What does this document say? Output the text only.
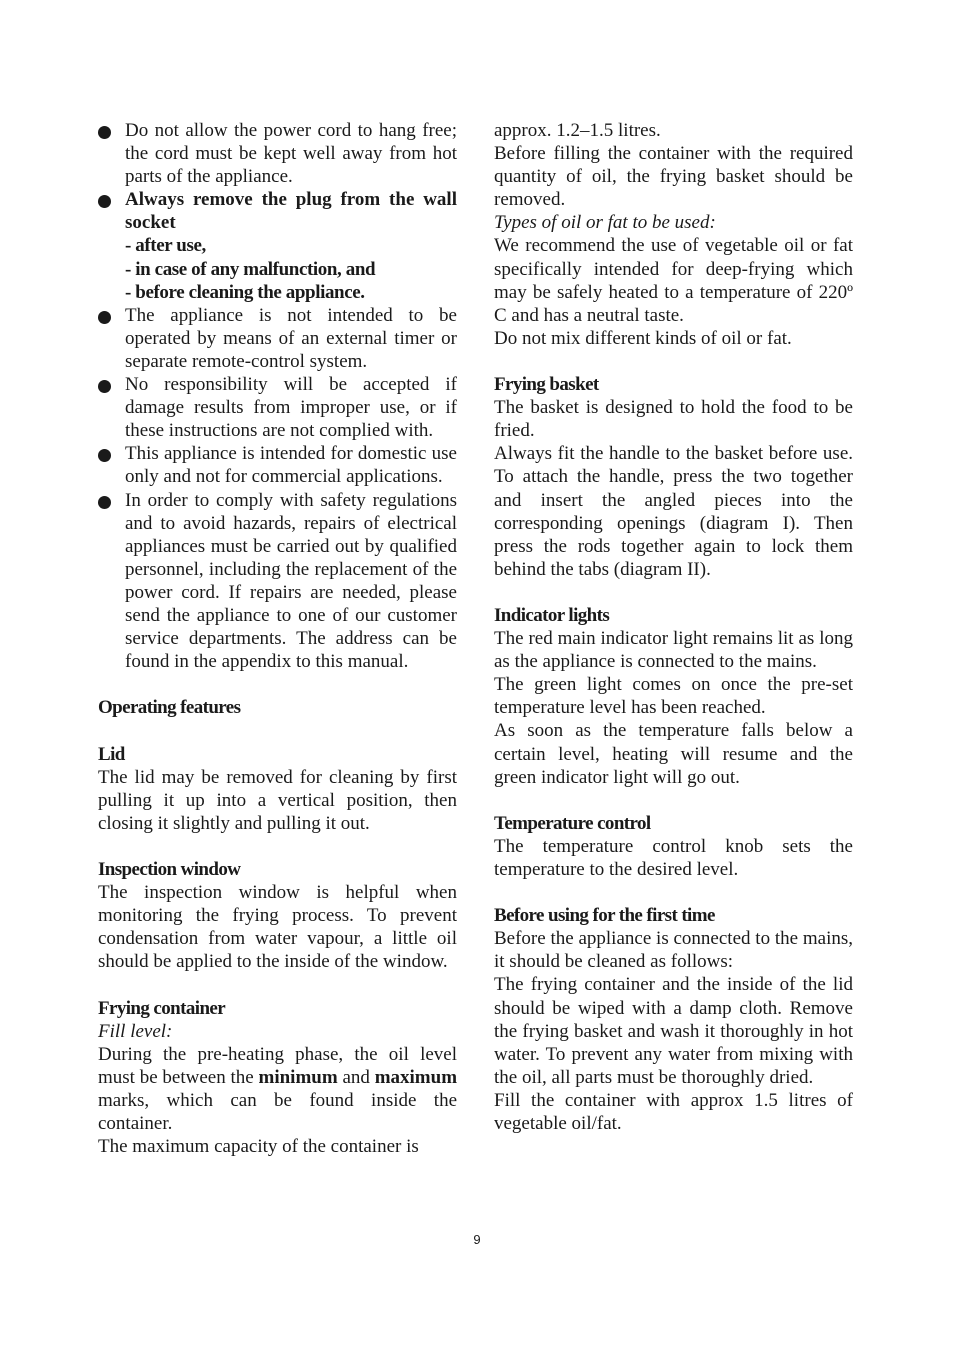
Do not allow the power cord to hang free; the cord must be kept well away from hot parts of the appliance.
Always remove the plug from the wall socket
- after use,
- in case of any malfunction, and
- before cleaning the appliance.
The appliance is not intended to be operated by means of an external timer or separate remote-control system.
No responsibility will be accepted if damage results from improper use, or if these instructions are not complied with.
This appliance is intended for domestic use only and not for commercial applications.
In order to comply with safety regulations and to avoid hazards, repairs of electrical appliances must be carried out by qualified personnel, including the replacement of the power cord. If repairs are needed, please send the appliance to one of our customer service departments. The address can be found in the appendix to this manual.
Operating features
Lid

The lid may be removed for cleaning by first pulling it up into a vertical position, then closing it slightly and pulling it out.

Inspection window

The inspection window is helpful when monitoring the frying process. To prevent condensation from water vapour, a little oil should be applied to the inside of the window.

Frying container

Fill level:

During the pre-heating phase, the oil level must be between the minimum and maximum marks, which can be found inside the container.

The maximum capacity of the container is

approx. 1.2–1.5 litres.

Before filling the container with the required quantity of oil, the frying basket should be removed.

Types of oil or fat to be used:

We recommend the use of vegetable oil or fat specifically intended for deep-frying which may be safely heated to a temperature of 220º C and has a neutral taste.

Do not mix different kinds of oil or fat.

Frying basket

The basket is designed to hold the food to be fried.

Always fit the handle to the basket before use. To attach the handle, press the two together and insert the angled pieces into the corresponding openings (diagram I). Then press the rods together again to lock them behind the tabs (diagram II).

Indicator lights

The red main indicator light remains lit as long as the appliance is connected to the mains.

The green light comes on once the pre-set temperature level has been reached.

As soon as the temperature falls below a certain level, heating will resume and the green indicator light will go out.

Temperature control

The temperature control knob sets the temperature to the desired level.

Before using for the first time

Before the appliance is connected to the mains, it should be cleaned as follows:

The frying container and the inside of the lid should be wiped with a damp cloth. Remove the frying basket and wash it thoroughly in hot water. To prevent any water from mixing with the oil, all parts must be thoroughly dried.

Fill the container with approx 1.5 litres of vegetable oil/fat.

9
